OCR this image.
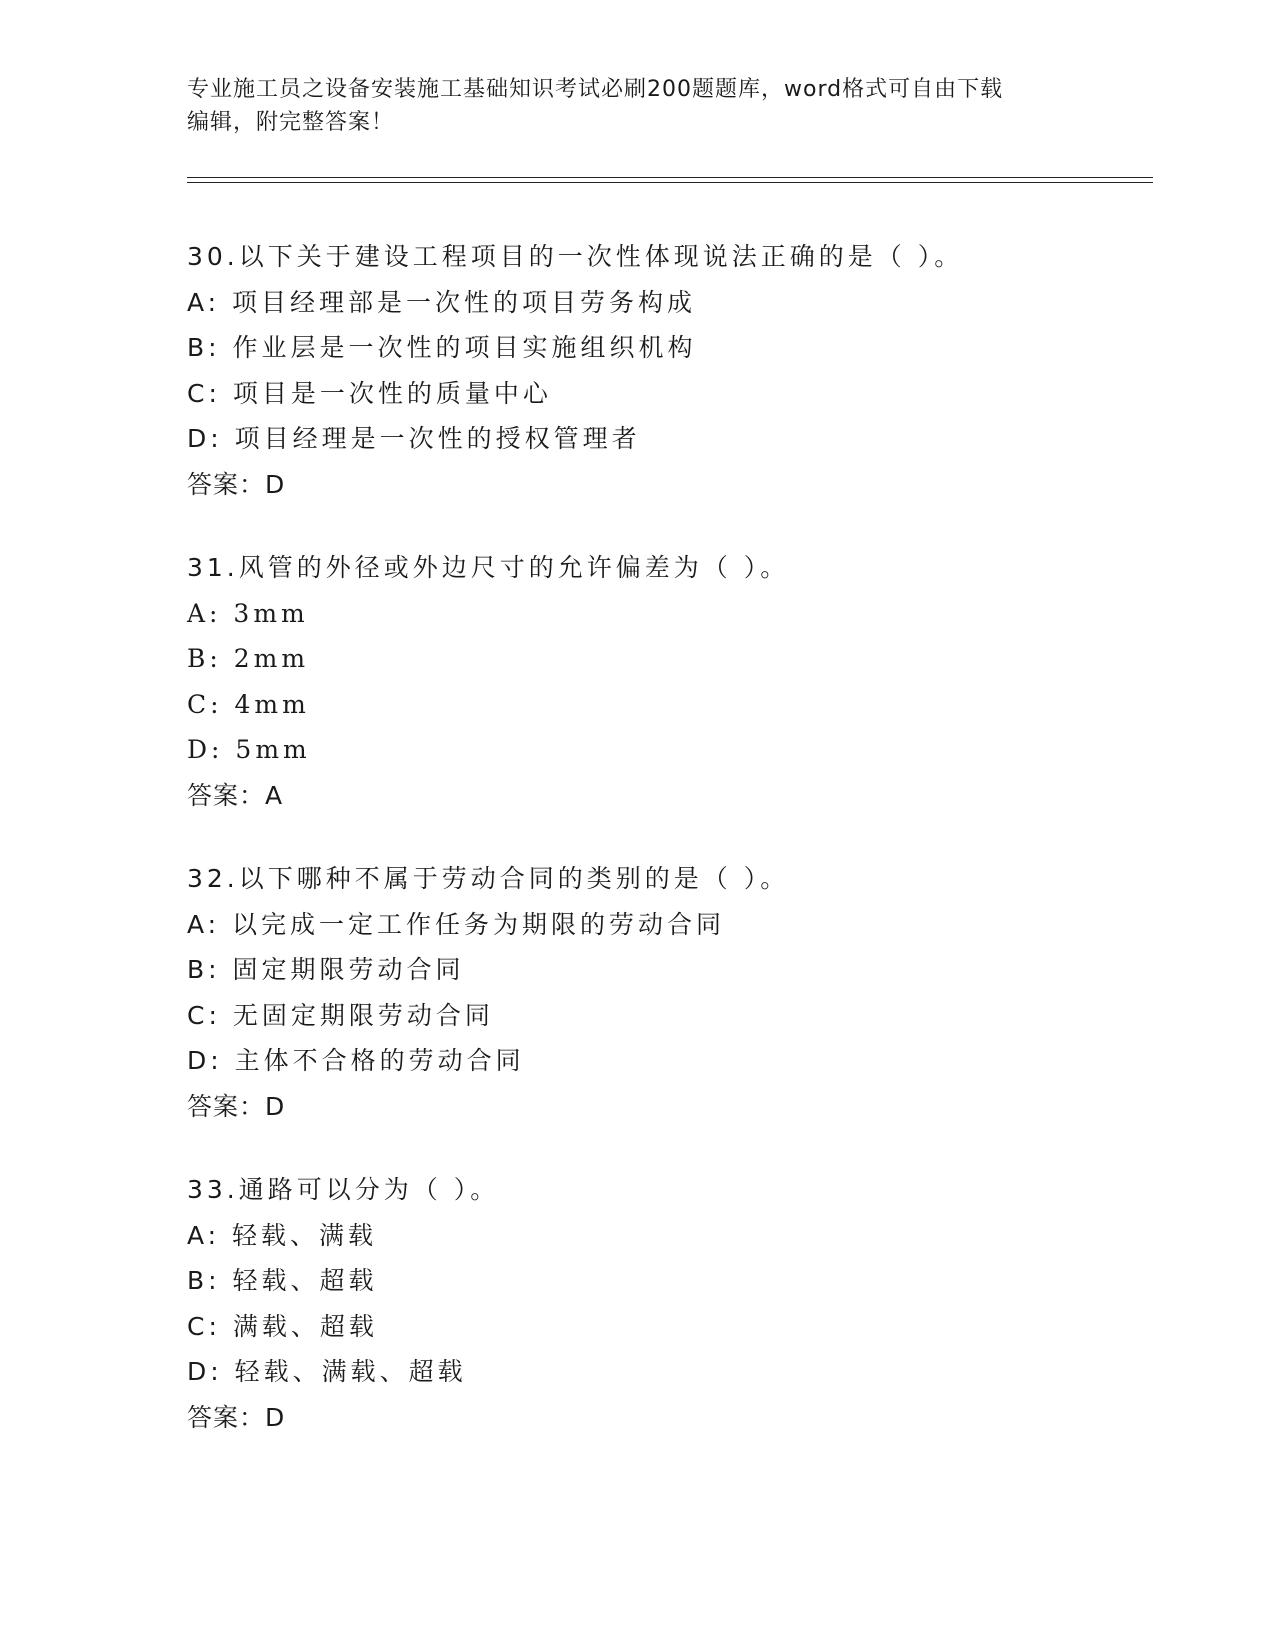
专业施工员之设备安装施工基础知识考试必刷200题题库，word格式可自由下载
编辑，附完整答案！
30.以下关于建设工程项目的一次性体现说法正确的是（ ）。
A: 项目经理部是一次性的项目劳务构成
B: 作业层是一次性的项目实施组织机构
C: 项目是一次性的质量中心
D: 项目经理是一次性的授权管理者
答案：D
31.风管的外径或外边尺寸的允许偏差为（ ）。
A: 3mm
B: 2mm
C: 4mm
D: 5mm
答案：A
32.以下哪种不属于劳动合同的类别的是（ ）。
A: 以完成一定工作任务为期限的劳动合同
B: 固定期限劳动合同
C: 无固定期限劳动合同
D: 主体不合格的劳动合同
答案：D
33.通路可以分为（ ）。
A: 轻载、满载
B: 轻载、超载
C: 满载、超载
D: 轻载、满载、超载
答案：D
